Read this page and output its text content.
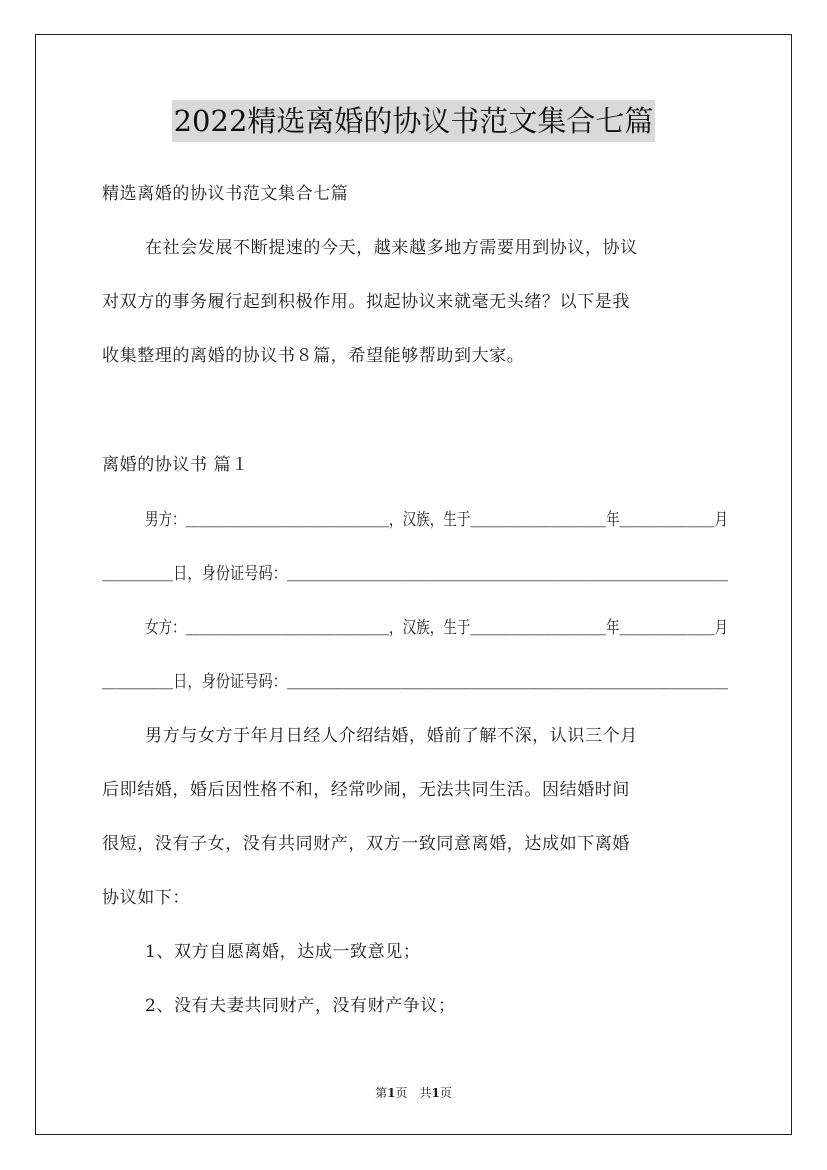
2022精选离婚的协议书范文集合七篇
精选离婚的协议书范文集合七篇
在社会发展不断提速的今天，越来越多地方需要用到协议，协议
对双方的事务履行起到积极作用。拟起协议来就毫无头绪？以下是我
收集整理的离婚的协议书８篇，希望能够帮助到大家。
离婚的协议书 篇１
男方：＿＿＿＿＿＿＿＿＿＿＿＿＿＿＿，汉族，生于＿＿＿＿＿＿＿＿＿＿年＿＿＿＿＿＿＿月
＿＿＿＿＿日，身份证号码：＿＿＿＿＿＿＿＿＿＿＿＿＿＿＿＿＿＿＿＿＿＿＿＿＿＿＿＿＿＿＿
女方：＿＿＿＿＿＿＿＿＿＿＿＿＿＿＿，汉族，生于＿＿＿＿＿＿＿＿＿＿年＿＿＿＿＿＿＿月
＿＿＿＿＿日，身份证号码：＿＿＿＿＿＿＿＿＿＿＿＿＿＿＿＿＿＿＿＿＿＿＿＿＿＿＿＿＿＿＿
男方与女方于年月日经人介绍结婚，婚前了解不深，认识三个月
后即结婚，婚后因性格不和，经常吵闹，无法共同生活。因结婚时间
很短，没有子女，没有共同财产，双方一致同意离婚，达成如下离婚
协议如下：
1、双方自愿离婚，达成一致意见；
2、没有夫妻共同财产，没有财产争议；
第1页　共1页
